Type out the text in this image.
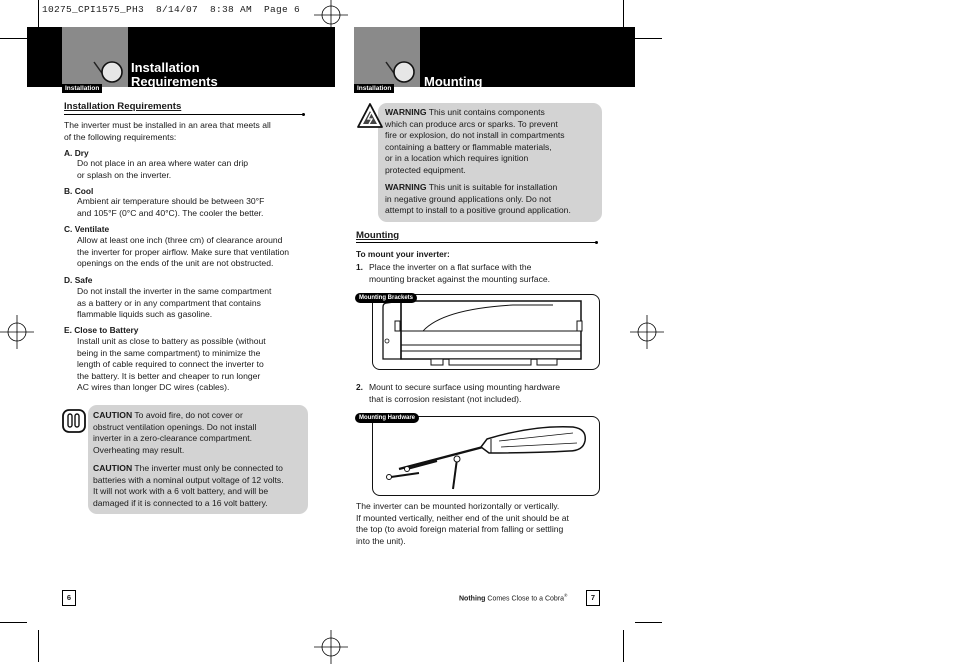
10275_CPI1575_PH3  8/14/07  8:38 AM  Page 6
Installation
Installation Requirements
Installation Requirements
The inverter must be installed in an area that meets all
of the following requirements:
A. Dry
Do not place in an area where water can drip
or splash on the inverter.
B. Cool
Ambient air temperature should be between 30°F
and 105°F (0°C and 40°C). The cooler the better.
C. Ventilate
Allow at least one inch (three cm) of clearance around
the inverter for proper airflow. Make sure that ventilation
openings on the ends of the unit are not obstructed.
D. Safe
Do not install the inverter in the same compartment
as a battery or in any compartment that contains
flammable liquids such as gasoline.
E. Close to Battery
Install unit as close to battery as possible (without
being in the same compartment) to minimize the
length of cable required to connect the inverter to
the battery. It is better and cheaper to run longer
AC wires than longer DC wires (cables).
CAUTION To avoid fire, do not cover or
obstruct ventilation openings. Do not install
inverter in a zero-clearance compartment.
Overheating may result.
CAUTION The inverter must only be connected to
batteries with a nominal output voltage of 12 volts.
It will not work with a 6 volt battery, and will be
damaged if it is connected to a 16 volt battery.
6
Installation	Mounting
WARNING This unit contains components
which can produce arcs or sparks. To prevent
fire or explosion, do not install in compartments
containing a battery or flammable materials,
or in a location which requires ignition
protected equipment.
WARNING This unit is suitable for installation
in negative ground applications only. Do not
attempt to install to a positive ground application.
Mounting
To mount your inverter:
1. Place the inverter on a flat surface with the
mounting bracket against the mounting surface.
Mounting Brackets
2. Mount to secure surface using mounting hardware
that is corrosion resistant (not included).
Mounting Hardware
The inverter can be mounted horizontally or vertically.
If mounted vertically, neither end of the unit should be at
the top (to avoid foreign material from falling or settling
into the unit).
Nothing Comes Close to a Cobra®	7
